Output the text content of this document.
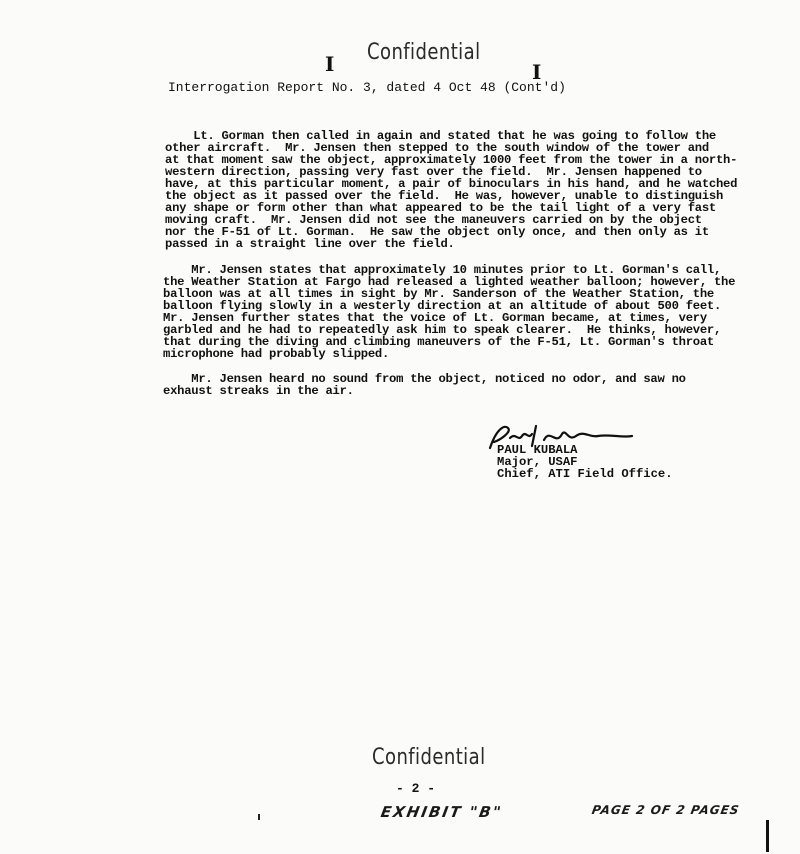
Confidential
I	I
Interrogation Report No. 3, dated 4 Oct 48 (Cont'd)
Lt. Gorman then called in again and stated that he was going to follow the
other aircraft.  Mr. Jensen then stepped to the south window of the tower and
at that moment saw the object, approximately 1000 feet from the tower in a north-
western direction, passing very fast over the field.  Mr. Jensen happened to
have, at this particular moment, a pair of binoculars in his hand, and he watched
the object as it passed over the field.  He was, however, unable to distinguish
any shape or form other than what appeared to be the tail light of a very fast
moving craft.  Mr. Jensen did not see the maneuvers carried on by the object
nor the F-51 of Lt. Gorman.  He saw the object only once, and then only as it
passed in a straight line over the field.
Mr. Jensen states that approximately 10 minutes prior to Lt. Gorman's call,
the Weather Station at Fargo had released a lighted weather balloon; however, the
balloon was at all times in sight by Mr. Sanderson of the Weather Station, the
balloon flying slowly in a westerly direction at an altitude of about 500 feet.
Mr. Jensen further states that the voice of Lt. Gorman became, at times, very
garbled and he had to repeatedly ask him to speak clearer.  He thinks, however,
that during the diving and climbing maneuvers of the F-51, Lt. Gorman's throat
microphone had probably slipped.
Mr. Jensen heard no sound from the object, noticed no odor, and saw no
exhaust streaks in the air.
PAUL KUBALA
Major, USAF
Chief, ATI Field Office.
Confidential
- 2 -
EXHIBIT "B"	PAGE 2 OF 2 PAGES
